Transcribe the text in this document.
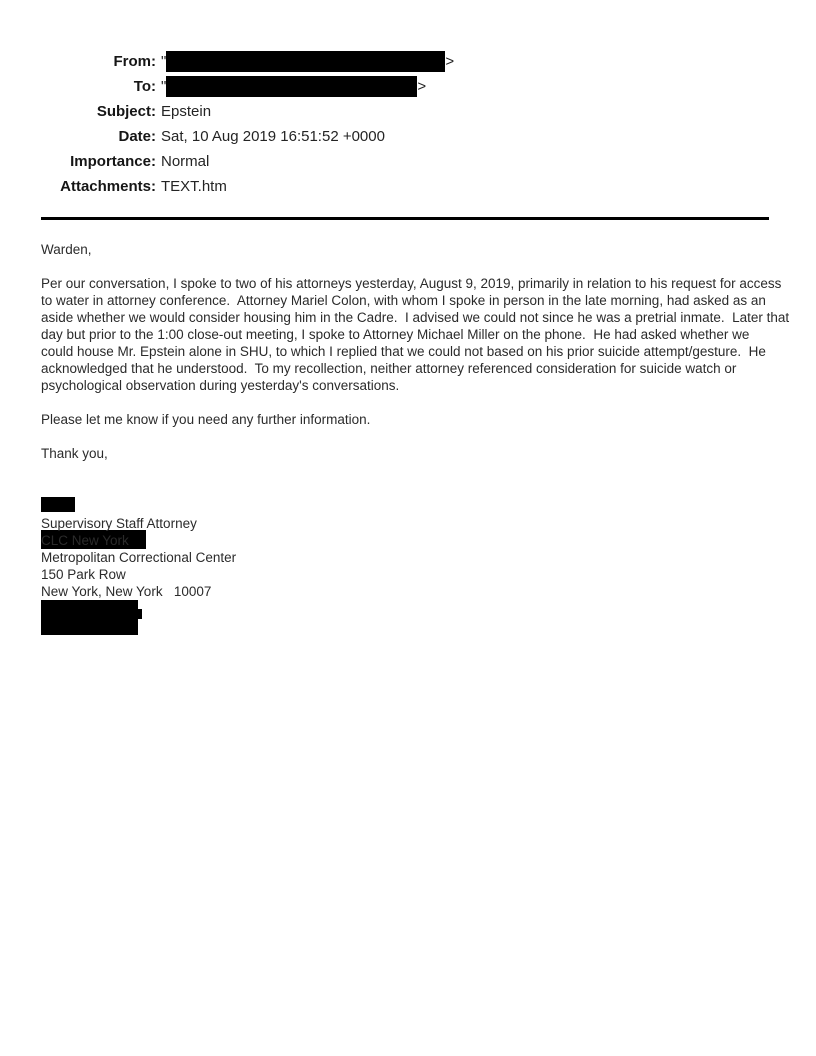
From: "	>
To: "	>
Subject: Epstein
Date: Sat, 10 Aug 2019 16:51:52 +0000
Importance: Normal
Attachments: TEXT.htm
Warden,
Per our conversation, I spoke to two of his attorneys yesterday, August 9, 2019, primarily in relation to his request for access
to water in attorney conference.  Attorney Mariel Colon, with whom I spoke in person in the late morning, had asked as an
aside whether we would consider housing him in the Cadre.  I advised we could not since he was a pretrial inmate.  Later that
day but prior to the 1:00 close-out meeting, I spoke to Attorney Michael Miller on the phone.  He had asked whether we
could house Mr. Epstein alone in SHU, to which I replied that we could not based on his prior suicide attempt/gesture.  He
acknowledged that he understood.  To my recollection, neither attorney referenced consideration for suicide watch or
psychological observation during yesterday's conversations.
Please let me know if you need any further information.
Thank you,

Supervisory Staff Attorney
CLC New York
Metropolitan Correctional Center
150 Park Row
New York, New York   10007
